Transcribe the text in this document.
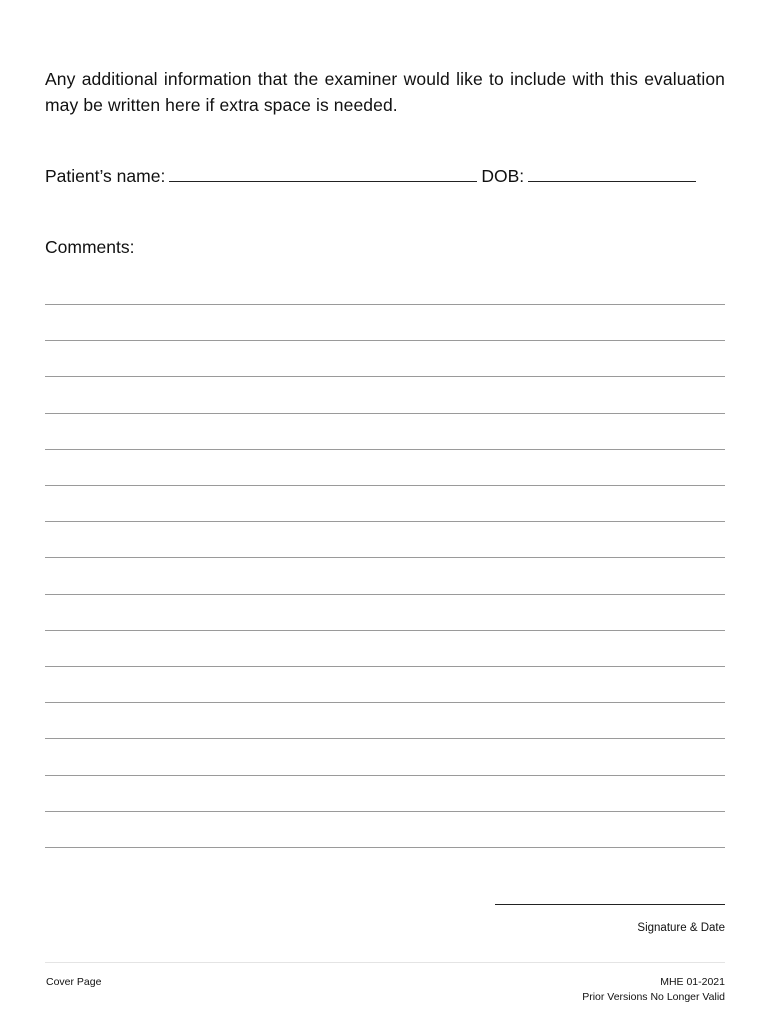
Any additional information that the examiner would like to include with this evaluation may be written here if extra space is needed.

Patient’s name:	DOB:
Comments:
Signature & Date
Cover Page	MHE 01-2021
Prior Versions No Longer Valid
